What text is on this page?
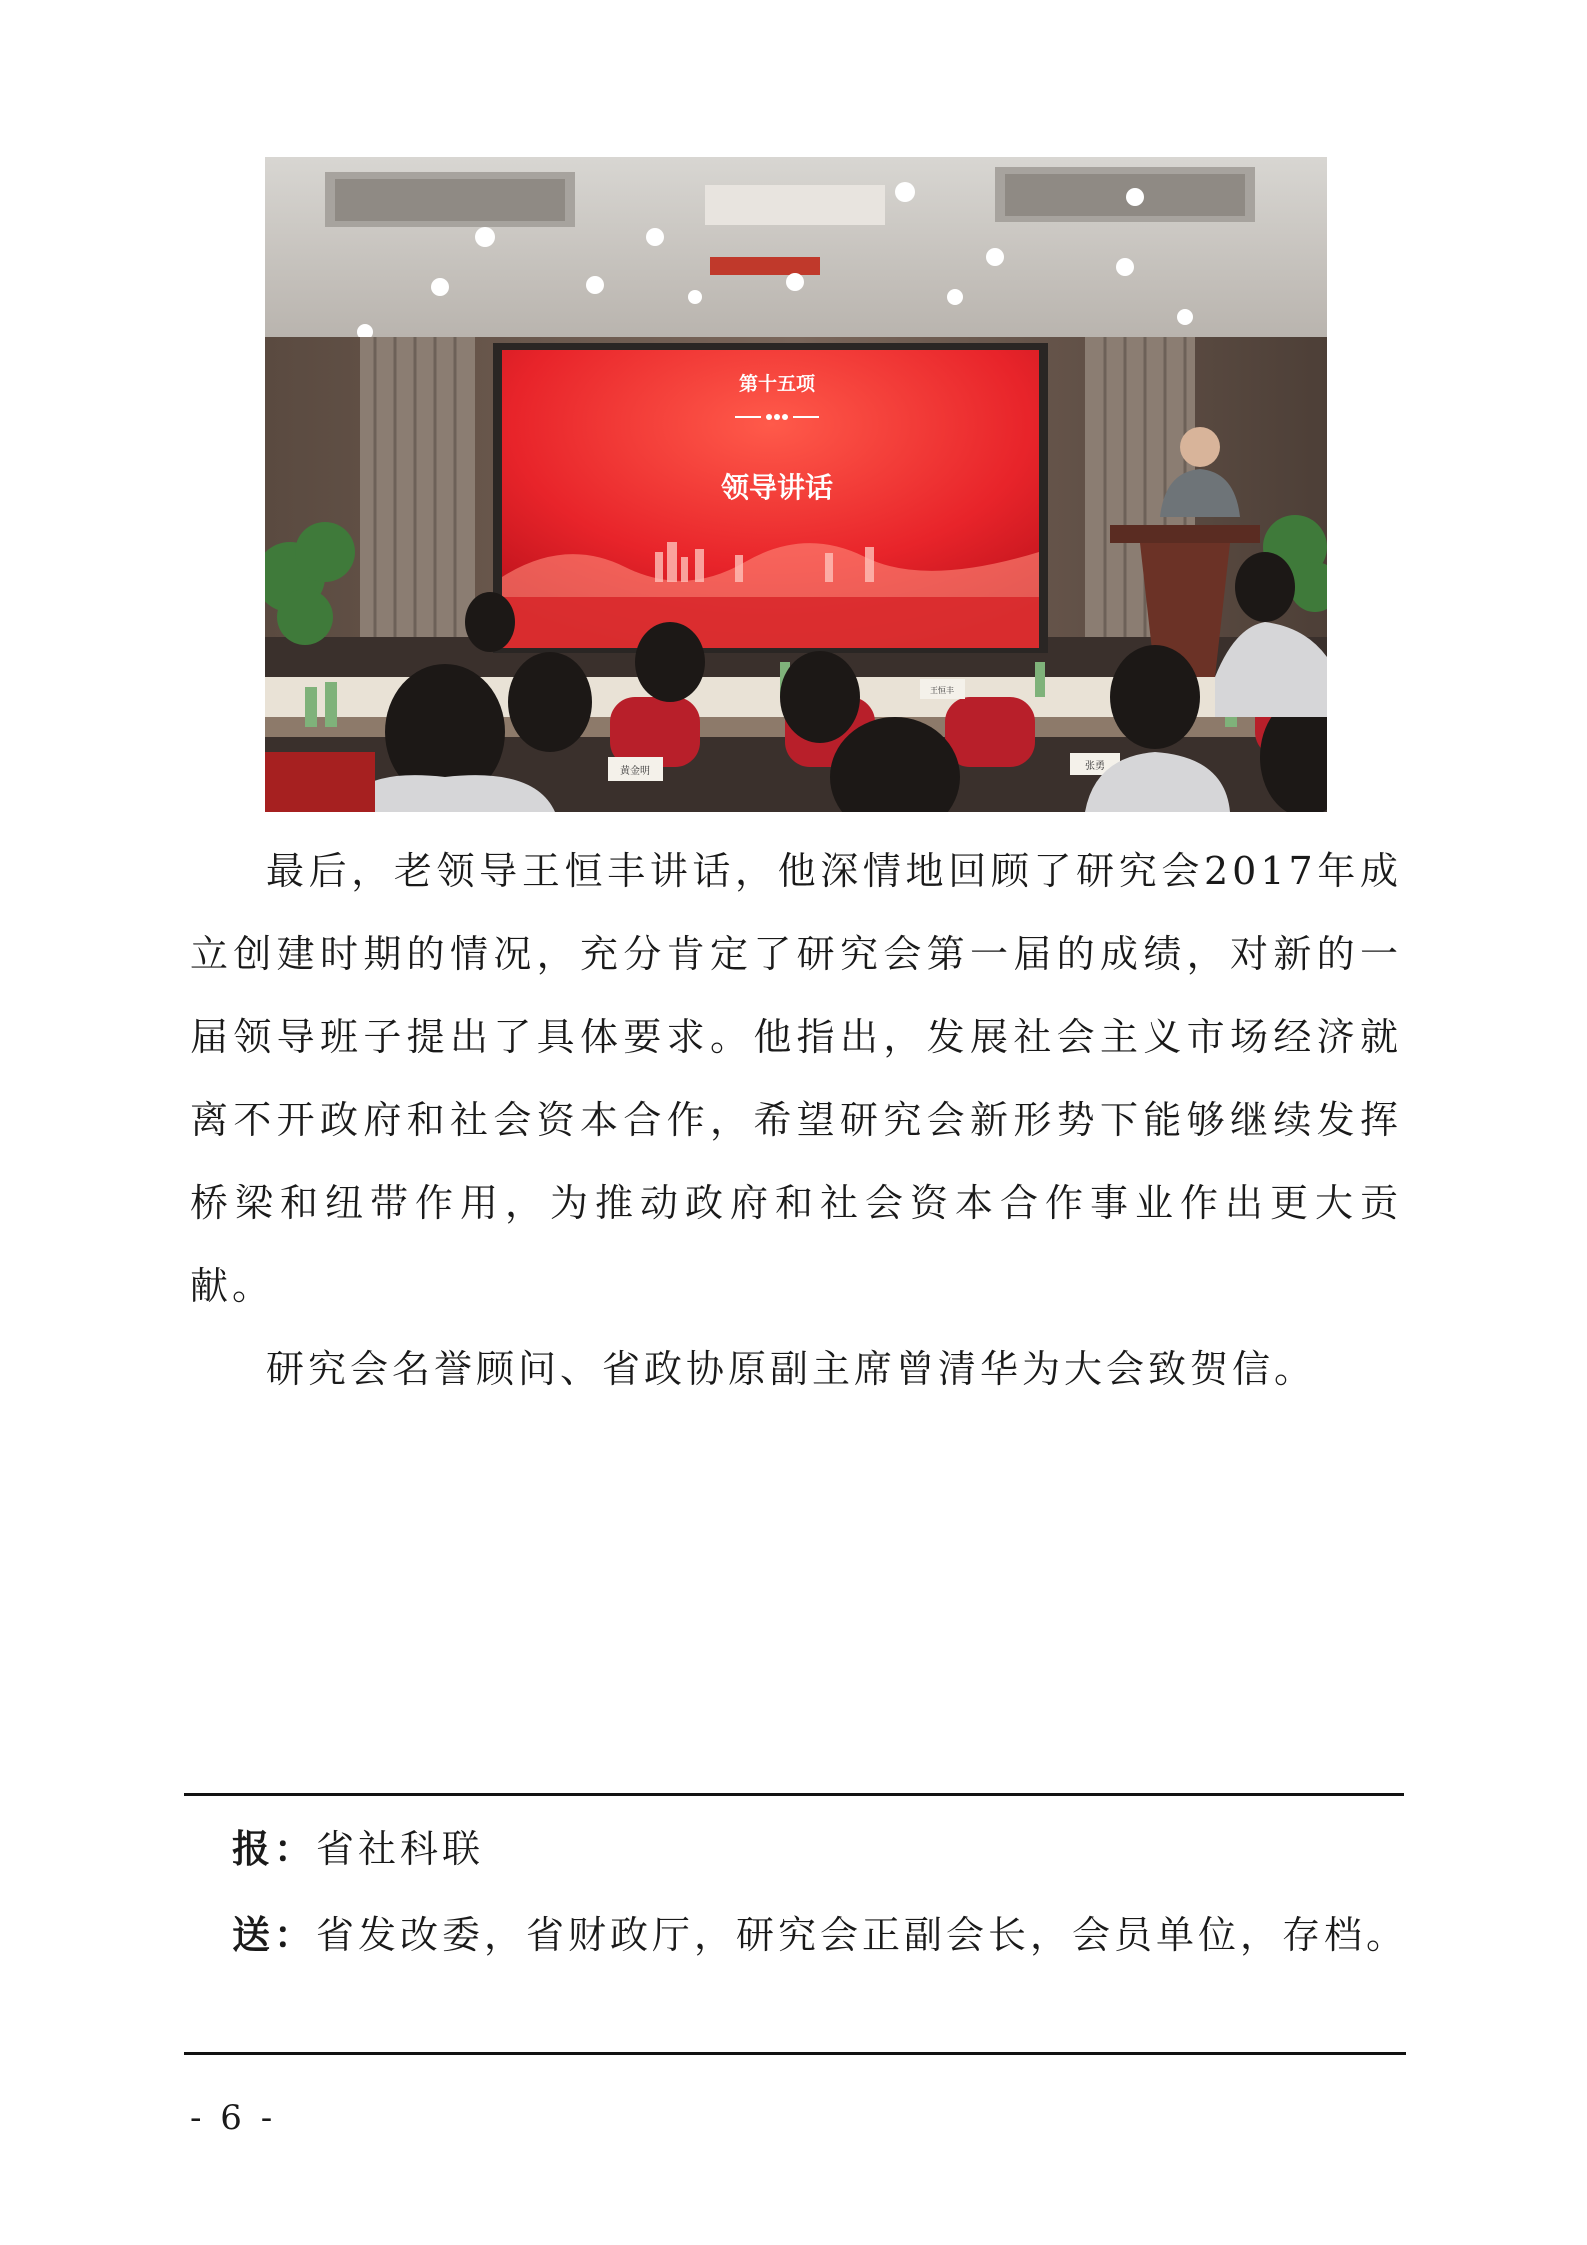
第十五项
领导讲话
黄金明
王恒丰
张勇

最后，老领导王恒丰讲话，他深情地回顾了研究会2017年成立创建时期的情况，充分肯定了研究会第一届的成绩，对新的一届领导班子提出了具体要求。他指出，发展社会主义市场经济就离不开政府和社会资本合作，希望研究会新形势下能够继续发挥桥梁和纽带作用，为推动政府和社会资本合作事业作出更大贡献。

研究会名誉顾问、省政协原副主席曾清华为大会致贺信。

报：省社科联
送：省发改委，省财政厅，研究会正副会长，会员单位，存档。
- 6 -
